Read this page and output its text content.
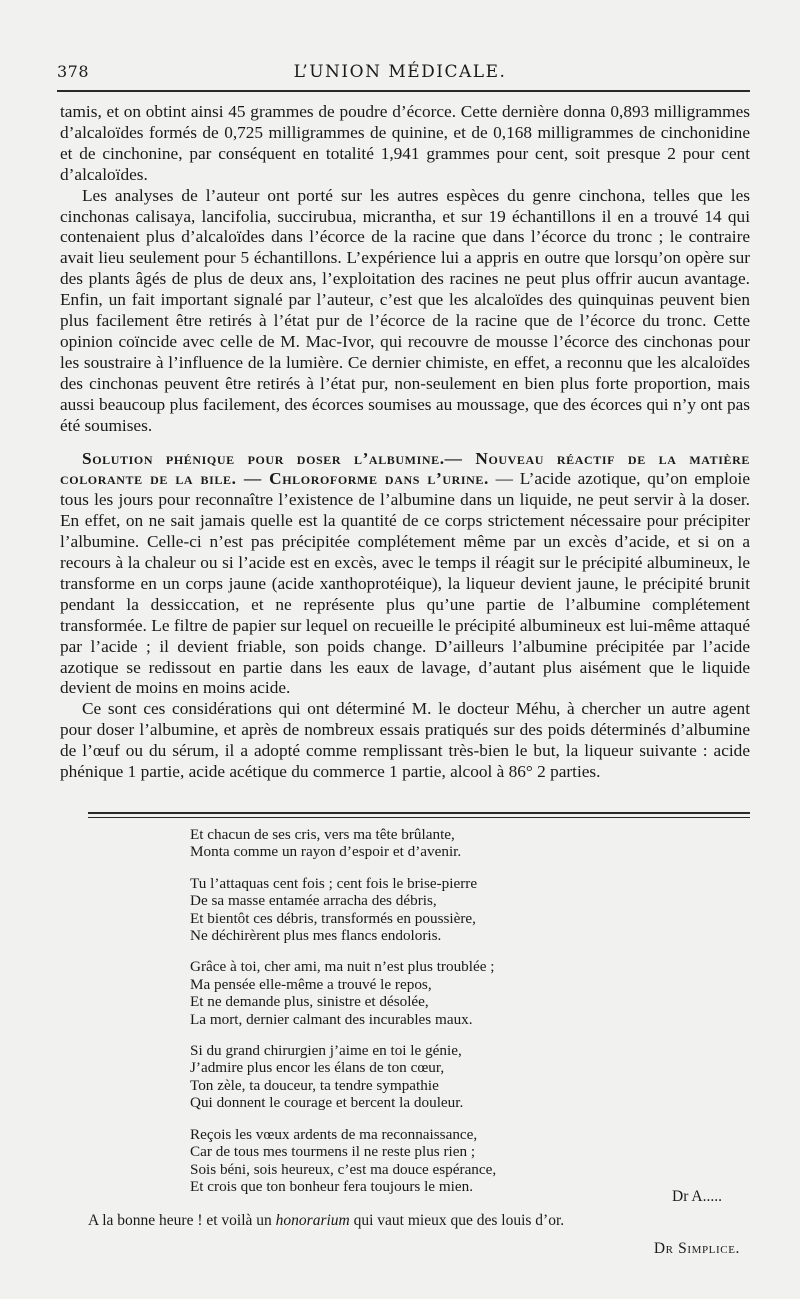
378	L’UNION MÉDICALE.

tamis, et on obtint ainsi 45 grammes de poudre d’écorce. Cette dernière donna 0,893 milligrammes d’alcaloïdes formés de 0,725 milligrammes de quinine, et de 0,168 milligrammes de cinchonidine et de cinchonine, par conséquent en totalité 1,941 grammes pour cent, soit presque 2 pour cent d’alcaloïdes.

Les analyses de l’auteur ont porté sur les autres espèces du genre cinchona, telles que les cinchonas calisaya, lancifolia, succirubua, micrantha, et sur 19 échantillons il en a trouvé 14 qui contenaient plus d’alcaloïdes dans l’écorce de la racine que dans l’écorce du tronc ; le contraire avait lieu seulement pour 5 échantillons. L’expérience lui a appris en outre que lorsqu’on opère sur des plants âgés de plus de deux ans, l’exploitation des racines ne peut plus offrir aucun avantage. Enfin, un fait important signalé par l’auteur, c’est que les alcaloïdes des quinquinas peuvent bien plus facilement être retirés à l’état pur de l’écorce de la racine que de l’écorce du tronc. Cette opinion coïncide avec celle de M. Mac-Ivor, qui recouvre de mousse l’écorce des cinchonas pour les soustraire à l’influence de la lumière. Ce dernier chimiste, en effet, a reconnu que les alcaloïdes des cinchonas peuvent être retirés à l’état pur, non-seulement en bien plus forte proportion, mais aussi beaucoup plus facilement, des écorces soumises au moussage, que des écorces qui n’y ont pas été soumises.

Solution phénique pour doser l’albumine.— Nouveau réactif de la matière colorante de la bile. — Chloroforme dans l’urine. — L’acide azotique, qu’on emploie tous les jours pour reconnaître l’existence de l’albumine dans un liquide, ne peut servir à la doser. En effet, on ne sait jamais quelle est la quantité de ce corps strictement nécessaire pour précipiter l’albumine. Celle-ci n’est pas précipitée complétement même par un excès d’acide, et si on a recours à la chaleur ou si l’acide est en excès, avec le temps il réagit sur le précipité albumineux, le transforme en un corps jaune (acide xanthoprotéique), la liqueur devient jaune, le précipité brunit pendant la dessiccation, et ne représente plus qu’une partie de l’albumine complétement transformée. Le filtre de papier sur lequel on recueille le précipité albumineux est lui-même attaqué par l’acide ; il devient friable, son poids change. D’ailleurs l’albumine précipitée par l’acide azotique se redissout en partie dans les eaux de lavage, d’autant plus aisément que le liquide devient de moins en moins acide.

Ce sont ces considérations qui ont déterminé M. le docteur Méhu, à chercher un autre agent pour doser l’albumine, et après de nombreux essais pratiqués sur des poids déterminés d’albumine de l’œuf ou du sérum, il a adopté comme remplissant très-bien le but, la liqueur suivante : acide phénique 1 partie, acide acétique du commerce 1 partie, alcool à 86° 2 parties.

Et chacun de ses cris, vers ma tête brûlante,
Monta comme un rayon d’espoir et d’avenir.
Tu l’attaquas cent fois ; cent fois le brise-pierre
De sa masse entamée arracha des débris,
Et bientôt ces débris, transformés en poussière,
Ne déchirèrent plus mes flancs endoloris.
Grâce à toi, cher ami, ma nuit n’est plus troublée ;
Ma pensée elle-même a trouvé le repos,
Et ne demande plus, sinistre et désolée,
La mort, dernier calmant des incurables maux.
Si du grand chirurgien j’aime en toi le génie,
J’admire plus encor les élans de ton cœur,
Ton zèle, ta douceur, ta tendre sympathie
Qui donnent le courage et bercent la douleur.
Reçois les vœux ardents de ma reconnaissance,
Car de tous mes tourmens il ne reste plus rien ;
Sois béni, sois heureux, c’est ma douce espérance,
Et crois que ton bonheur fera toujours le mien.
Dr A.....
A la bonne heure ! et voilà un honorarium qui vaut mieux que des louis d’or.
Dr Simplice.
